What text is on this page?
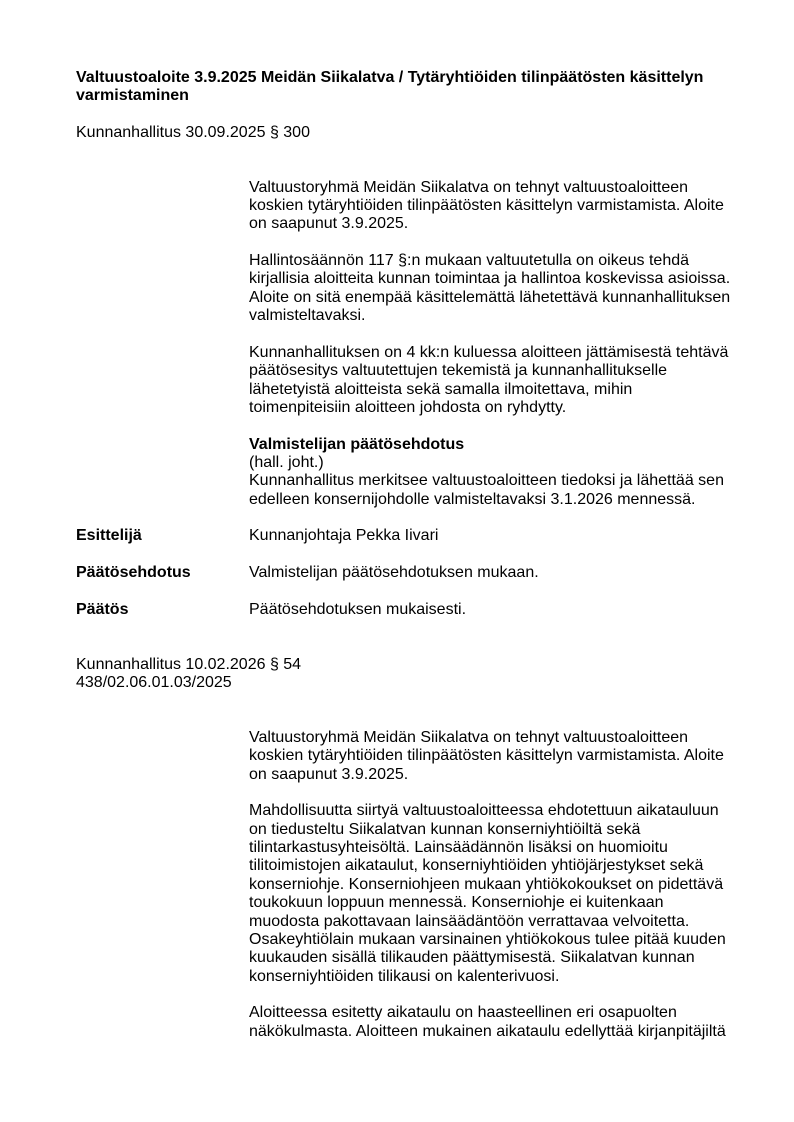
Valtuustoaloite 3.9.2025 Meidän Siikalatva / Tytäryhtiöiden tilinpäätösten käsittelyn
varmistaminen
Kunnanhallitus 30.09.2025 § 300
Valtuustoryhmä Meidän Siikalatva on tehnyt valtuustoaloitteen
koskien tytäryhtiöiden tilinpäätösten käsittelyn varmistamista. Aloite
on saapunut 3.9.2025.
Hallintosäännön 117 §:n mukaan valtuutetulla on oikeus tehdä
kirjallisia aloitteita kunnan toimintaa ja hallintoa koskevissa asioissa.
Aloite on sitä enempää käsittelemättä lähetettävä kunnanhallituksen
valmisteltavaksi.
Kunnanhallituksen on 4 kk:n kuluessa aloitteen jättämisestä tehtävä
päätösesitys valtuutettujen tekemistä ja kunnanhallitukselle
lähetetyistä aloitteista sekä samalla ilmoitettava, mihin
toimenpiteisiin aloitteen johdosta on ryhdytty.
Valmistelijan päätösehdotus
(hall. joht.)
Kunnanhallitus merkitsee valtuustoaloitteen tiedoksi ja lähettää sen
edelleen konsernijohdolle valmisteltavaksi 3.1.2026 mennessä.
Esittelijä	Kunnanjohtaja Pekka Iivari
Päätösehdotus	Valmistelijan päätösehdotuksen mukaan.
Päätös	Päätösehdotuksen mukaisesti.
Kunnanhallitus 10.02.2026 § 54
438/02.06.01.03/2025
Valtuustoryhmä Meidän Siikalatva on tehnyt valtuustoaloitteen
koskien tytäryhtiöiden tilinpäätösten käsittelyn varmistamista. Aloite
on saapunut 3.9.2025.
Mahdollisuutta siirtyä valtuustoaloitteessa ehdotettuun aikatauluun
on tiedusteltu Siikalatvan kunnan konserniyhtiöiltä sekä
tilintarkastusyhteisöltä. Lainsäädännön lisäksi on huomioitu
tilitoimistojen aikataulut, konserniyhtiöiden yhtiöjärjestykset sekä
konserniohje. Konserniohjeen mukaan yhtiökokoukset on pidettävä
toukokuun loppuun mennessä. Konserniohje ei kuitenkaan
muodosta pakottavaan lainsäädäntöön verrattavaa velvoitetta.
Osakeyhtiölain mukaan varsinainen yhtiökokous tulee pitää kuuden
kuukauden sisällä tilikauden päättymisestä. Siikalatvan kunnan
konserniyhtiöiden tilikausi on kalenterivuosi.
Aloitteessa esitetty aikataulu on haasteellinen eri osapuolten
näkökulmasta. Aloitteen mukainen aikataulu edellyttää kirjanpitäjiltä
